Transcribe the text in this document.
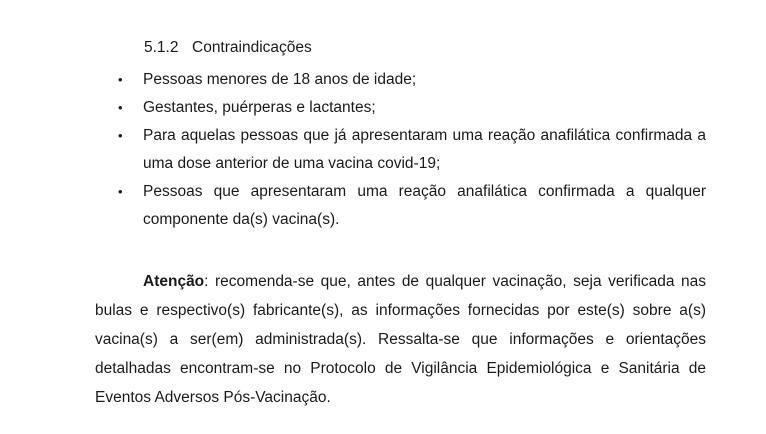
5.1.2 Contraindicações
• Pessoas menores de 18 anos de idade;
• Gestantes, puérperas e lactantes;
• Para aquelas pessoas que já apresentaram uma reação anafilática confirmada a uma dose anterior de uma vacina covid-19;
• Pessoas que apresentaram uma reação anafilática confirmada a qualquer componente da(s) vacina(s).

Atenção: recomenda-se que, antes de qualquer vacinação, seja verificada nas bulas e respectivo(s) fabricante(s), as informações fornecidas por este(s) sobre a(s) vacina(s) a ser(em) administrada(s). Ressalta-se que informações e orientações detalhadas encontram-se no Protocolo de Vigilância Epidemiológica e Sanitária de Eventos Adversos Pós-Vacinação.
